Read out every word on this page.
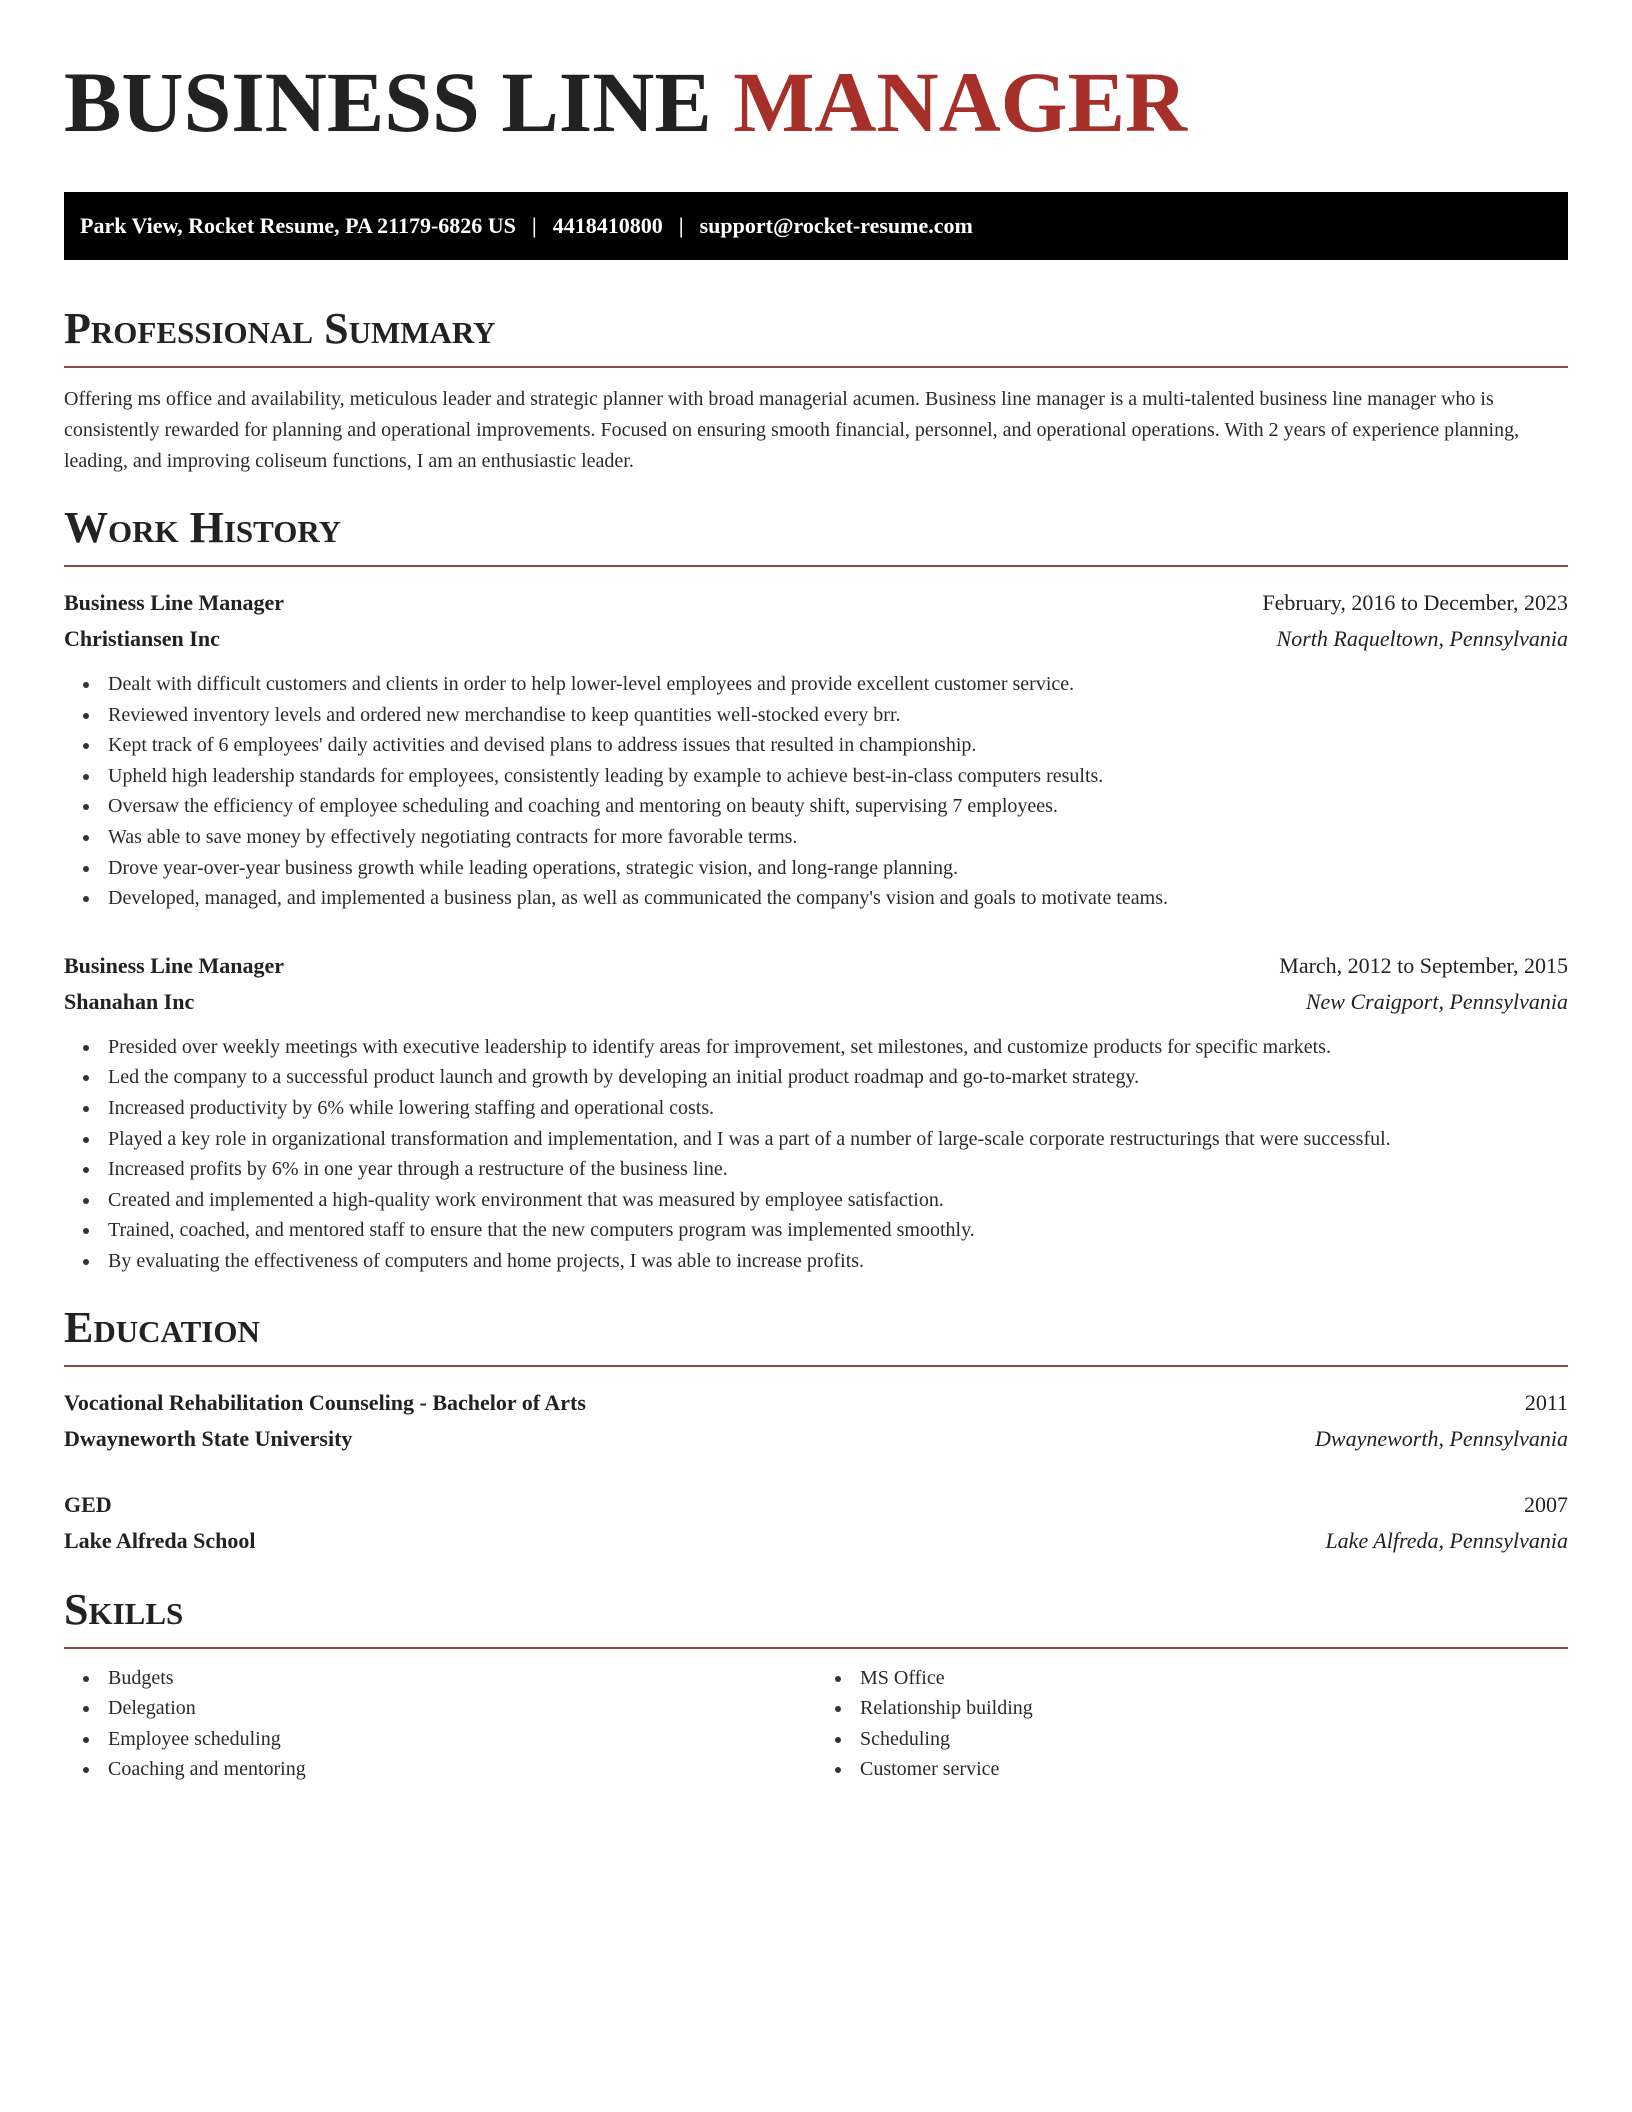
BUSINESS LINE MANAGER
Park View, Rocket Resume, PA 21179-6826 US | 4418410800 | support@rocket-resume.com
Professional Summary

Offering ms office and availability, meticulous leader and strategic planner with broad managerial acumen. Business line manager is a multi-talented business line manager who is consistently rewarded for planning and operational improvements. Focused on ensuring smooth financial, personnel, and operational operations. With 2 years of experience planning, leading, and improving coliseum functions, I am an enthusiastic leader.

Work History
Business Line Manager	February, 2016 to December, 2023
Christiansen Inc	North Raqueltown, Pennsylvania
Dealt with difficult customers and clients in order to help lower-level employees and provide excellent customer service.
Reviewed inventory levels and ordered new merchandise to keep quantities well-stocked every brr.
Kept track of 6 employees' daily activities and devised plans to address issues that resulted in championship.
Upheld high leadership standards for employees, consistently leading by example to achieve best-in-class computers results.
Oversaw the efficiency of employee scheduling and coaching and mentoring on beauty shift, supervising 7 employees.
Was able to save money by effectively negotiating contracts for more favorable terms.
Drove year-over-year business growth while leading operations, strategic vision, and long-range planning.
Developed, managed, and implemented a business plan, as well as communicated the company's vision and goals to motivate teams.
Business Line Manager	March, 2012 to September, 2015
Shanahan Inc	New Craigport, Pennsylvania
Presided over weekly meetings with executive leadership to identify areas for improvement, set milestones, and customize products for specific markets.
Led the company to a successful product launch and growth by developing an initial product roadmap and go-to-market strategy.
Increased productivity by 6% while lowering staffing and operational costs.
Played a key role in organizational transformation and implementation, and I was a part of a number of large-scale corporate restructurings that were successful.
Increased profits by 6% in one year through a restructure of the business line.
Created and implemented a high-quality work environment that was measured by employee satisfaction.
Trained, coached, and mentored staff to ensure that the new computers program was implemented smoothly.
By evaluating the effectiveness of computers and home projects, I was able to increase profits.
Education
Vocational Rehabilitation Counseling - Bachelor of Arts	2011
Dwayneworth State University	Dwayneworth, Pennsylvania
GED	2007
Lake Alfreda School	Lake Alfreda, Pennsylvania
Skills
Budgets
Delegation
Employee scheduling
Coaching and mentoring
MS Office
Relationship building
Scheduling
Customer service
